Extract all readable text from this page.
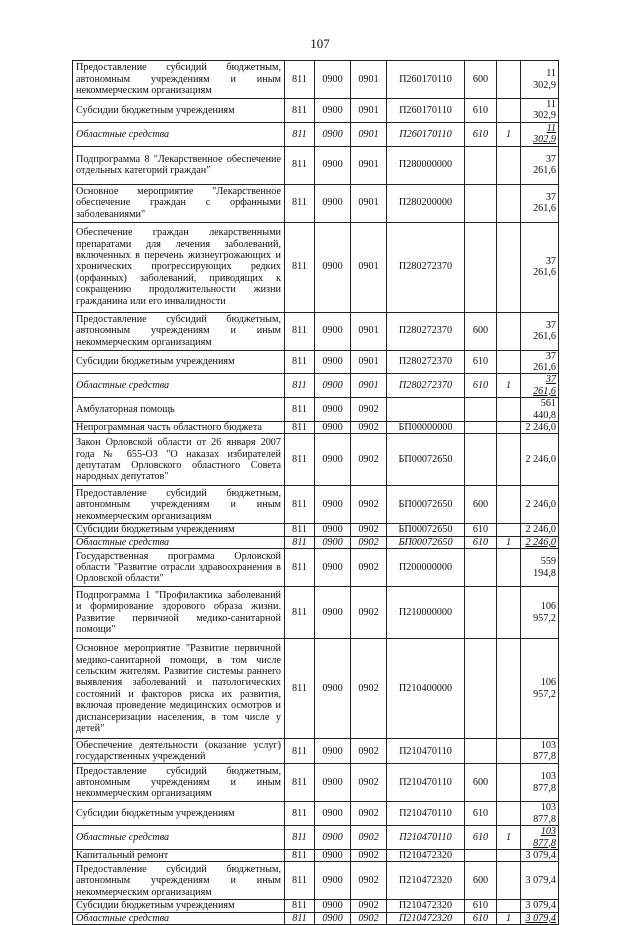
107
Предоставление субсидий бюджетным, автономным учреждениям и иным некоммерческим организациям	811	0900	0901	П260170110	600		11 302,9
Субсидии бюджетным учреждениям	811	0900	0901	П260170110	610		11 302,9
Областные средства	811	0900	0901	П260170110	610	1	11 302,9
Подпрограмма 8 "Лекарственное обеспечение отдельных категорий граждан"	811	0900	0901	П280000000			37 261,6
Основное мероприятие "Лекарственное обеспечение граждан с орфанными заболеваниями"	811	0900	0901	П280200000			37 261,6
Обеспечение граждан лекарственными препаратами для лечения заболеваний, включенных в перечень жизнеугрожающих и хронических прогрессирующих редких (орфанных) заболеваний, приводящих к сокращению продолжительности жизни гражданина или его инвалидности	811	0900	0901	П280272370			37 261,6
Предоставление субсидий бюджетным, автономным учреждениям и иным некоммерческим организациям	811	0900	0901	П280272370	600		37 261,6
Субсидии бюджетным учреждениям	811	0900	0901	П280272370	610		37 261,6
Областные средства	811	0900	0901	П280272370	610	1	37 261,6
Амбулаторная помощь	811	0900	0902				561 440,8
Непрограммная часть областного бюджета	811	0900	0902	БП00000000			2 246,0
Закон Орловской области от 26 января 2007 года № 655-ОЗ "О наказах избирателей депутатам Орловского областного Совета народных депутатов"	811	0900	0902	БП00072650			2 246,0
Предоставление субсидий бюджетным, автономным учреждениям и иным некоммерческим организациям	811	0900	0902	БП00072650	600		2 246,0
Субсидии бюджетным учреждениям	811	0900	0902	БП00072650	610		2 246,0
Областные средства	811	0900	0902	БП00072650	610	1	2 246,0
Государственная программа Орловской области "Развитие отрасли здравоохранения в Орловской области"	811	0900	0902	П200000000			559 194,8
Подпрограмма 1 "Профилактика заболеваний и формирование здорового образа жизни. Развитие первичной медико-санитарной помощи"	811	0900	0902	П210000000			106 957,2
Основное мероприятие "Развитие первичной медико-санитарной помощи, в том числе сельским жителям. Развитие системы раннего выявления заболеваний и патологических состояний и факторов риска их развития, включая проведение медицинских осмотров и диспансеризации населения, в том числе у детей"	811	0900	0902	П210400000			106 957,2
Обеспечение деятельности (оказание услуг) государственных учреждений	811	0900	0902	П210470110			103 877,8
Предоставление субсидий бюджетным, автономным учреждениям и иным некоммерческим организациям	811	0900	0902	П210470110	600		103 877,8
Субсидии бюджетным учреждениям	811	0900	0902	П210470110	610		103 877,8
Областные средства	811	0900	0902	П210470110	610	1	103 877,8
Капитальный ремонт	811	0900	0902	П210472320			3 079,4
Предоставление субсидий бюджетным, автономным учреждениям и иным некоммерческим организациям	811	0900	0902	П210472320	600		3 079,4
Субсидии бюджетным учреждениям	811	0900	0902	П210472320	610		3 079,4
Областные средства	811	0900	0902	П210472320	610	1	3 079,4
